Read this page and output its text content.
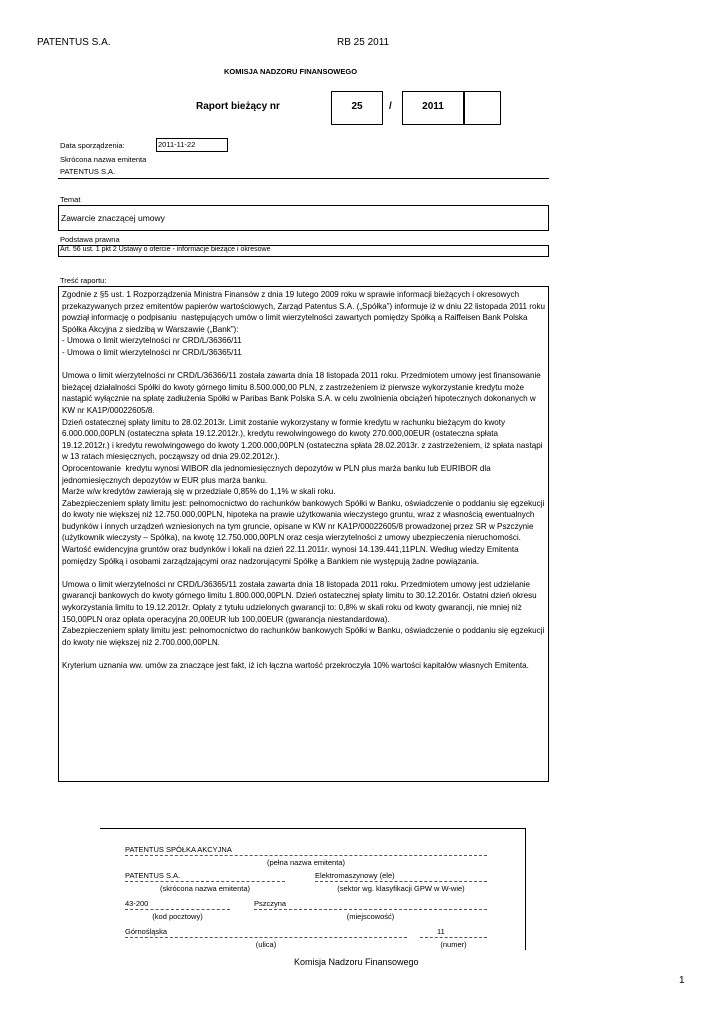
PATENTUS S.A.	RB 25 2011
KOMISJA NADZORU FINANSOWEGO
Raport bieżący nr	25	/	2011
Data sporządzenia:	2011-11-22
Skrócona nazwa emitenta
PATENTUS S.A.
Temat
Zawarcie znaczącej umowy
Podstawa prawna
Art. 56 ust. 1 pkt 2 Ustawy o ofercie - informacje bieżące i okresowe
Treść raportu:

Zgodnie z §5 ust. 1 Rozporządzenia Ministra Finansów z dnia 19 lutego 2009 roku w sprawie informacji bieżących i okresowych przekazywanych przez emitentów papierów wartościowych, Zarząd Patentus S.A. („Spółka”) informuje iż w dniu 22 listopada 2011 roku powziął informację o podpisaniu  następujących umów o limit wierzytelności zawartych pomiędzy Spółką a Raiffeisen Bank Polska Spółka Akcyjna z siedzibą w Warszawie („Bank”):
- Umowa o limit wierzytelności nr CRD/L/36366/11
- Umowa o limit wierzytelności nr CRD/L/36365/11

Umowa o limit wierzytelności nr CRD/L/36366/11 została zawarta dnia 18 listopada 2011 roku. Przedmiotem umowy jest finansowanie bieżącej działalności Spółki do kwoty górnego limitu 8.500.000,00 PLN, z zastrzeżeniem iż pierwsze wykorzystanie kredytu może nastąpić wyłącznie na spłatę zadłużenia Spółki w Paribas Bank Polska S.A. w celu zwolnienia obciążeń hipotecznych dokonanych w KW nr KA1P/00022605/8.
Dzień ostatecznej spłaty limitu to 28.02.2013r. Limit zostanie wykorzystany w formie kredytu w rachunku bieżącym do kwoty 6.000.000,00PLN (ostateczna spłata 19.12.2012r.), kredytu rewolwingowego do kwoty 270.000,00EUR (ostateczna spłata 19.12.2012r.) i kredytu rewolwingowego do kwoty 1.200.000,00PLN (ostateczna spłata 28.02.2013r. z zastrzeżeniem, iż spłata nastąpi w 13 ratach miesięcznych, począwszy od dnia 29.02.2012r.).
Oprocentowanie  kredytu wynosi WIBOR dla jednomiesięcznych depozytów w PLN plus marża banku lub EURIBOR dla jednomiesięcznych depozytów w EUR plus marża banku.
Marże w/w kredytów zawierają się w przedziale 0,85% do 1,1% w skali roku.
Zabezpieczeniem spłaty limitu jest: pełnomocnictwo do rachunków bankowych Spółki w Banku, oświadczenie o poddaniu się egzekucji do kwoty nie większej niż 12.750.000,00PLN, hipoteka na prawie użytkowania wieczystego gruntu, wraz z własnością ewentualnych budynków i innych urządzeń wzniesionych na tym gruncie, opisane w KW nr KA1P/00022605/8 prowadzonej przez SR w Pszczynie (użytkownik wieczysty – Spółka), na kwotę 12.750.000,00PLN oraz cesja wierzytelności z umowy ubezpieczenia nieruchomości. Wartość ewidencyjna gruntów oraz budynków i lokali na dzień 22.11.2011r. wynosi 14.139.441,11PLN. Według wiedzy Emitenta pomiędzy Spółką i osobami zarządzającymi oraz nadzorującymi Spółkę a Bankiem nie występują żadne powiązania.

Umowa o limit wierzytelności nr CRD/L/36365/11 została zawarta dnia 18 listopada 2011 roku. Przedmiotem umowy jest udzielanie gwarancji bankowych do kwoty górnego limitu 1.800.000,00PLN. Dzień ostatecznej spłaty limitu to 30.12.2016r. Ostatni dzień okresu wykorzystania limitu to 19.12.2012r. Opłaty z tytułu udzielonych gwarancji to: 0,8% w skali roku od kwoty gwarancji, nie mniej niż 150,00PLN oraz opłata operacyjna 20,00EUR lub 100,00EUR (gwarancja niestandardowa).
Zabezpieczeniem spłaty limitu jest: pełnomocnictwo do rachunków bankowych Spółki w Banku, oświadczenie o poddaniu się egzekucji do kwoty nie większej niż 2.700.000,00PLN.

Kryterium uznania ww. umów za znaczące jest fakt, iż ich łączna wartość przekroczyła 10% wartości kapitałów własnych Emitenta.

PATENTUS SPÓŁKA AKCYJNA
(pełna nazwa emitenta)
PATENTUS S.A.
(skrócona nazwa emitenta)
Elektromaszynowy (ele)
(sektor wg. klasyfikacji GPW w W-wie)
43-200
(kod pocztowy)
Pszczyna
(miejscowość)
Górnośląska
(ulica)
11
(numer)
Komisja Nadzoru Finansowego
1
